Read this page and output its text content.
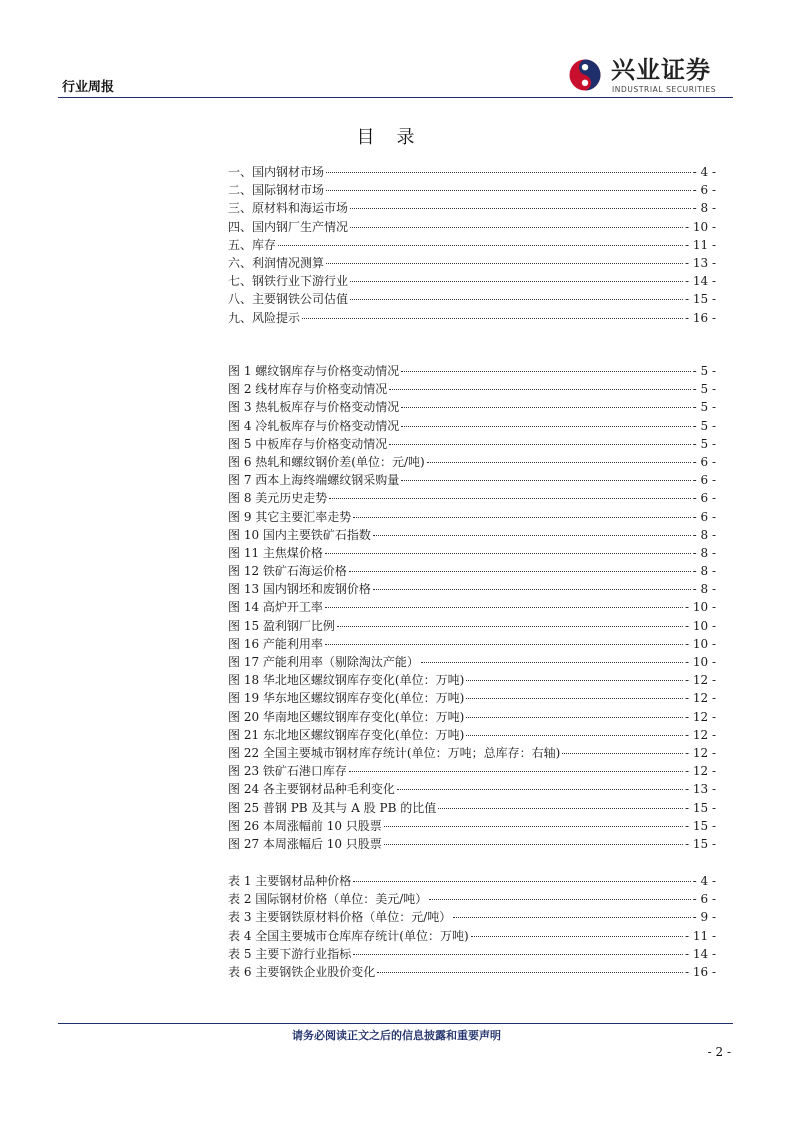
行业周报
兴业证券
INDUSTRIAL SECURITIES
目录
一、国内钢材市场	- 4 -
二、国际钢材市场	- 6 -
三、原材料和海运市场	- 8 -
四、国内钢厂生产情况	- 10 -
五、库存	- 11 -
六、利润情况测算	- 13 -
七、钢铁行业下游行业	- 14 -
八、主要钢铁公司估值	- 15 -
九、风险提示	- 16 -
图 1 螺纹钢库存与价格变动情况	- 5 -
图 2 线材库存与价格变动情况	- 5 -
图 3 热轧板库存与价格变动情况	- 5 -
图 4 冷轧板库存与价格变动情况	- 5 -
图 5 中板库存与价格变动情况	- 5 -
图 6 热轧和螺纹钢价差(单位：元/吨)	- 6 -
图 7 西本上海终端螺纹钢采购量	- 6 -
图 8 美元历史走势	- 6 -
图 9 其它主要汇率走势	- 6 -
图 10 国内主要铁矿石指数	- 8 -
图 11 主焦煤价格	- 8 -
图 12 铁矿石海运价格	- 8 -
图 13 国内钢坯和废钢价格	- 8 -
图 14 高炉开工率	- 10 -
图 15 盈利钢厂比例	- 10 -
图 16 产能利用率	- 10 -
图 17 产能利用率（剔除淘汰产能）	- 10 -
图 18 华北地区螺纹钢库存变化(单位：万吨)	- 12 -
图 19 华东地区螺纹钢库存变化(单位：万吨)	- 12 -
图 20 华南地区螺纹钢库存变化(单位：万吨)	- 12 -
图 21 东北地区螺纹钢库存变化(单位：万吨)	- 12 -
图 22 全国主要城市钢材库存统计(单位：万吨；总库存：右轴)	- 12 -
图 23 铁矿石港口库存	- 12 -
图 24 各主要钢材品种毛利变化	- 13 -
图 25 普钢 PB 及其与 A 股 PB 的比值	- 15 -
图 26 本周涨幅前 10 只股票	- 15 -
图 27 本周涨幅后 10 只股票	- 15 -
表 1 主要钢材品种价格	- 4 -
表 2 国际钢材价格（单位：美元/吨）	- 6 -
表 3 主要钢铁原材料价格（单位：元/吨）	- 9 -
表 4 全国主要城市仓库库存统计(单位：万吨)	- 11 -
表 5 主要下游行业指标	- 14 -
表 6 主要钢铁企业股价变化	- 16 -
请务必阅读正文之后的信息披露和重要声明
- 2 -
